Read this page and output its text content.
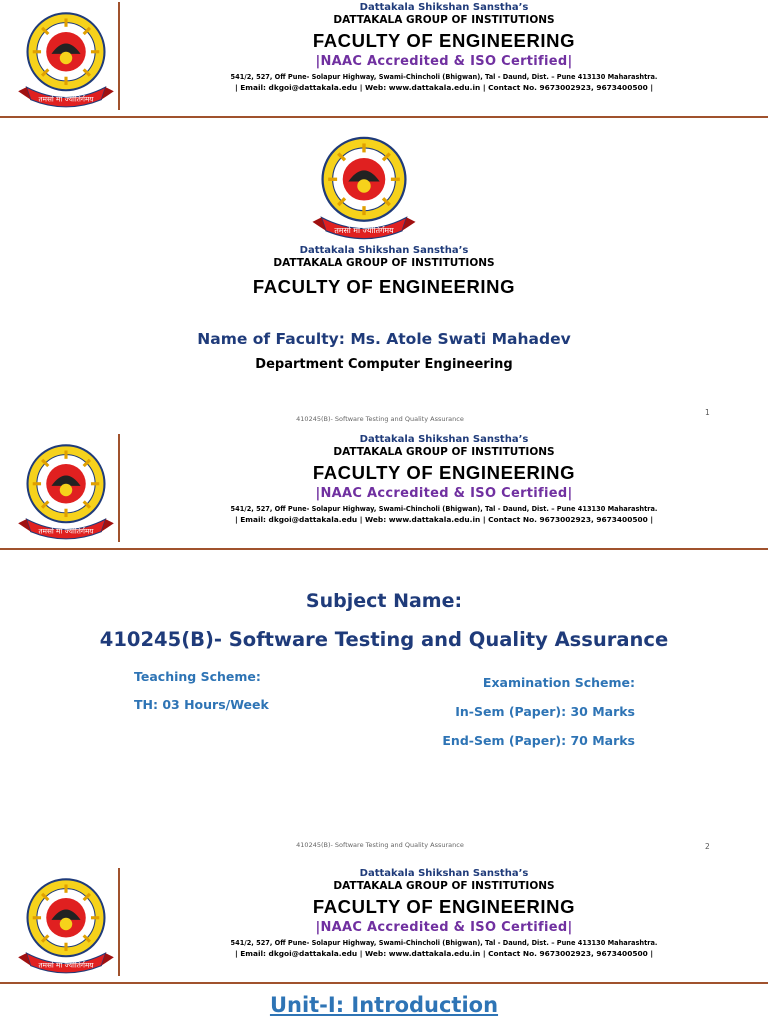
तमसो मा ज्योतिर्गमय
Dattakala Shikshan Sanstha’s
DATTAKALA GROUP OF INSTITUTIONS
FACULTY OF ENGINEERING
|NAAC Accredited & ISO Certified|
541/2, 527, Off Pune- Solapur Highway, Swami-Chincholi (Bhigwan), Tal - Daund, Dist. – Pune 413130 Maharashtra.
| Email: dkgoi@dattakala.edu | Web: www.dattakala.edu.in | Contact No. 9673002923, 9673400500 |
तमसो मा ज्योतिर्गमय
Dattakala Shikshan Sanstha’s
DATTAKALA GROUP OF INSTITUTIONS
FACULTY OF ENGINEERING
Name of Faculty: Ms. Atole Swati Mahadev
Department Computer Engineering
410245(B)- Software Testing and Quality Assurance
1
तमसो मा ज्योतिर्गमय
Dattakala Shikshan Sanstha’s
DATTAKALA GROUP OF INSTITUTIONS
FACULTY OF ENGINEERING
|NAAC Accredited & ISO Certified|
541/2, 527, Off Pune- Solapur Highway, Swami-Chincholi (Bhigwan), Tal - Daund, Dist. – Pune 413130 Maharashtra.
| Email: dkgoi@dattakala.edu | Web: www.dattakala.edu.in | Contact No. 9673002923, 9673400500 |
Subject Name:
410245(B)- Software Testing and Quality Assurance
Teaching Scheme:
TH: 03 Hours/Week
Examination Scheme:
In-Sem (Paper): 30 Marks
End-Sem (Paper): 70 Marks
410245(B)- Software Testing and Quality Assurance	2
तमसो मा ज्योतिर्गमय
Dattakala Shikshan Sanstha’s
DATTAKALA GROUP OF INSTITUTIONS
FACULTY OF ENGINEERING
|NAAC Accredited & ISO Certified|
541/2, 527, Off Pune- Solapur Highway, Swami-Chincholi (Bhigwan), Tal - Daund, Dist. – Pune 413130 Maharashtra.
| Email: dkgoi@dattakala.edu | Web: www.dattakala.edu.in | Contact No. 9673002923, 9673400500 |
Unit-I: Introduction
